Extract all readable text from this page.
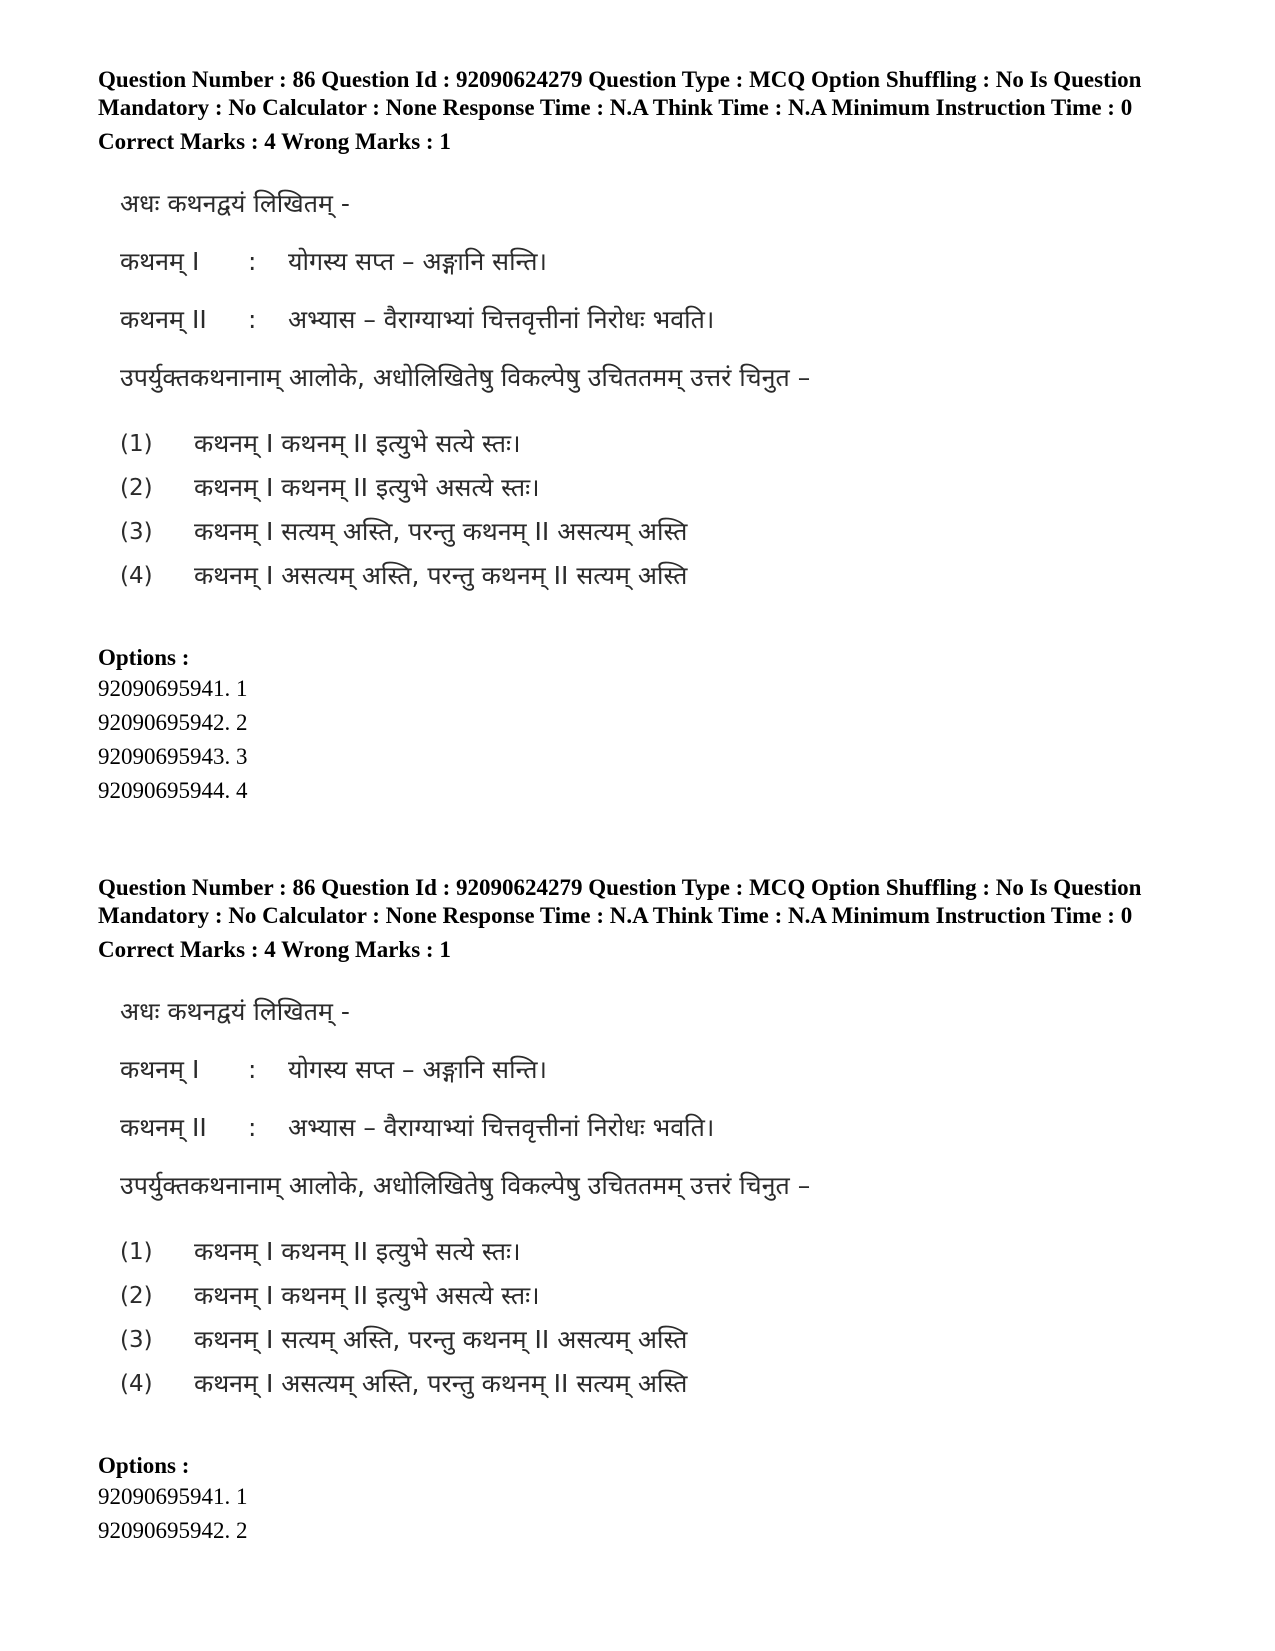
Question Number : 86 Question Id : 92090624279 Question Type : MCQ Option Shuffling : No Is Question Mandatory : No Calculator : None Response Time : N.A Think Time : N.A Minimum Instruction Time : 0
Correct Marks : 4 Wrong Marks : 1
अधः कथनद्वयं लिखितम् -
कथनम् I	:	योगस्य सप्त – अङ्गानि सन्ति।
कथनम् II	:	अभ्यास – वैराग्याभ्यां चित्तवृत्तीनां निरोधः भवति।
उपर्युक्तकथनानाम् आलोके, अधोलिखितेषु विकल्पेषु उचिततमम् उत्तरं चिनुत –
(1)	कथनम् I कथनम् II इत्युभे सत्ये स्तः।
(2)	कथनम् I कथनम् II इत्युभे असत्ये स्तः।
(3)	कथनम् I सत्यम् अस्ति, परन्तु कथनम् II असत्यम् अस्ति
(4)	कथनम् I असत्यम् अस्ति, परन्तु कथनम् II सत्यम् अस्ति
Options :
92090695941. 1
92090695942. 2
92090695943. 3
92090695944. 4
Question Number : 86 Question Id : 92090624279 Question Type : MCQ Option Shuffling : No Is Question Mandatory : No Calculator : None Response Time : N.A Think Time : N.A Minimum Instruction Time : 0
Correct Marks : 4 Wrong Marks : 1
अधः कथनद्वयं लिखितम् -
कथनम् I	:	योगस्य सप्त – अङ्गानि सन्ति।
कथनम् II	:	अभ्यास – वैराग्याभ्यां चित्तवृत्तीनां निरोधः भवति।
उपर्युक्तकथनानाम् आलोके, अधोलिखितेषु विकल्पेषु उचिततमम् उत्तरं चिनुत –
(1)	कथनम् I कथनम् II इत्युभे सत्ये स्तः।
(2)	कथनम् I कथनम् II इत्युभे असत्ये स्तः।
(3)	कथनम् I सत्यम् अस्ति, परन्तु कथनम् II असत्यम् अस्ति
(4)	कथनम् I असत्यम् अस्ति, परन्तु कथनम् II सत्यम् अस्ति
Options :
92090695941. 1
92090695942. 2
